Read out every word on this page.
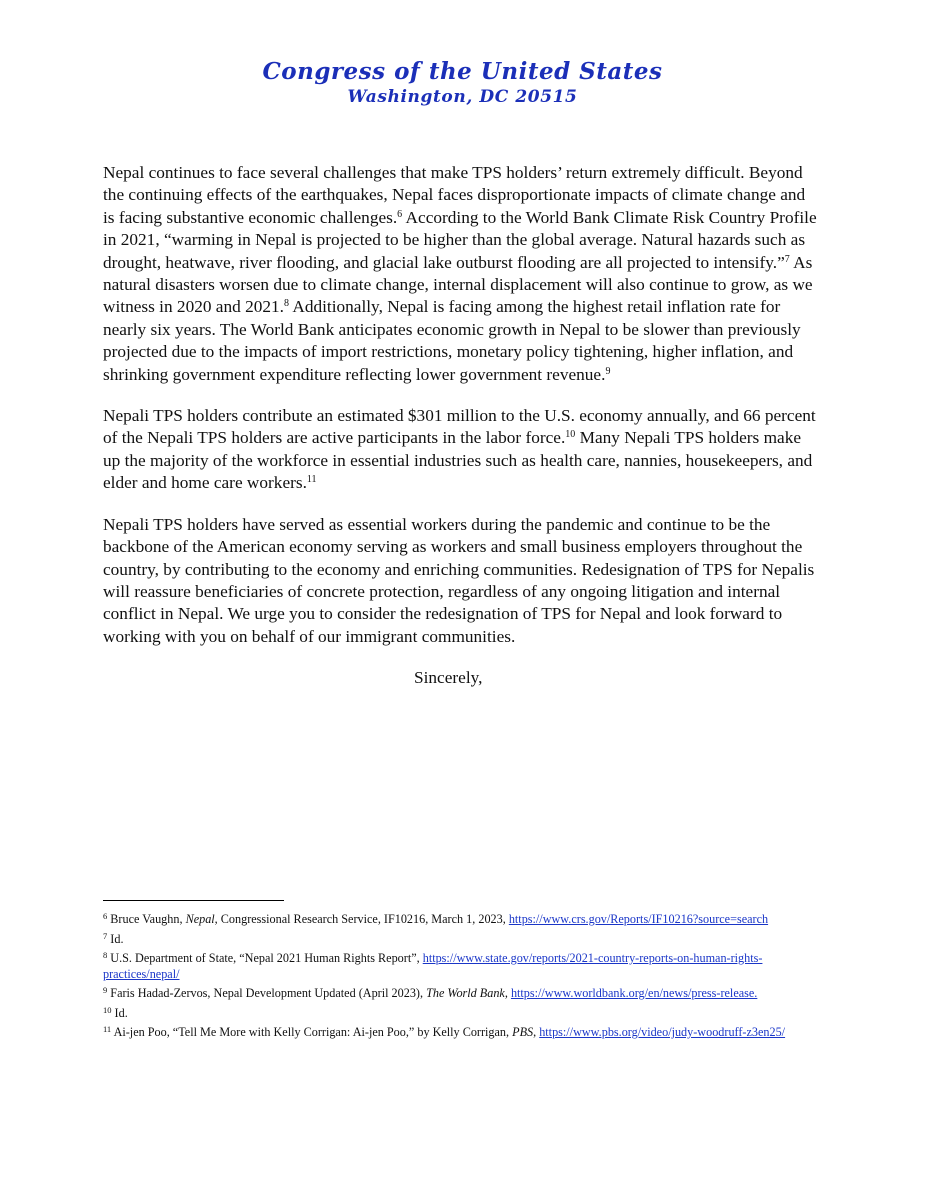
Congress of the United States
Washington, DC 20515

Nepal continues to face several challenges that make TPS holders’ return extremely difficult. Beyond the continuing effects of the earthquakes, Nepal faces disproportionate impacts of climate change and is facing substantive economic challenges.$^6$ According to the World Bank Climate Risk Country Profile in 2021, “warming in Nepal is projected to be higher than the global average. Natural hazards such as drought, heatwave, river flooding, and glacial lake outburst flooding are all projected to intensify.”$^7$ As natural disasters worsen due to climate change, internal displacement will also continue to grow, as we witness in 2020 and 2021.$^8$ Additionally, Nepal is facing among the highest retail inflation rate for nearly six years. The World Bank anticipates economic growth in Nepal to be slower than previously projected due to the impacts of import restrictions, monetary policy tightening, higher inflation, and shrinking government expenditure reflecting lower government revenue.$^9$

Nepali TPS holders contribute an estimated $301 million to the U.S. economy annually, and 66 percent of the Nepali TPS holders are active participants in the labor force.$^{10}$ Many Nepali TPS holders make up the majority of the workforce in essential industries such as health care, nannies, housekeepers, and elder and home care workers.$^{11}$

Nepali TPS holders have served as essential workers during the pandemic and continue to be the backbone of the American economy serving as workers and small business employers throughout the country, by contributing to the economy and enriching communities. Redesignation of TPS for Nepalis will reassure beneficiaries of concrete protection, regardless of any ongoing litigation and internal conflict in Nepal. We urge you to consider the redesignation of TPS for Nepal and look forward to working with you on behalf of our immigrant communities.

Sincerely,

$^6$ Bruce Vaughn, Nepal, Congressional Research Service, IF10216, March 1, 2023, https://www.crs.gov/Reports/IF10216?source=search

$^7$ Id.

$^8$ U.S. Department of State, “Nepal 2021 Human Rights Report”, https://www.state.gov/reports/2021-country-reports-on-human-rights-practices/nepal/

$^9$ Faris Hadad-Zervos, Nepal Development Updated (April 2023), The World Bank, https://www.worldbank.org/en/news/press-release.

$^{10}$ Id.

$^{11}$ Ai-jen Poo, “Tell Me More with Kelly Corrigan: Ai-jen Poo,” by Kelly Corrigan, PBS, https://www.pbs.org/video/judy-woodruff-z3en25/
